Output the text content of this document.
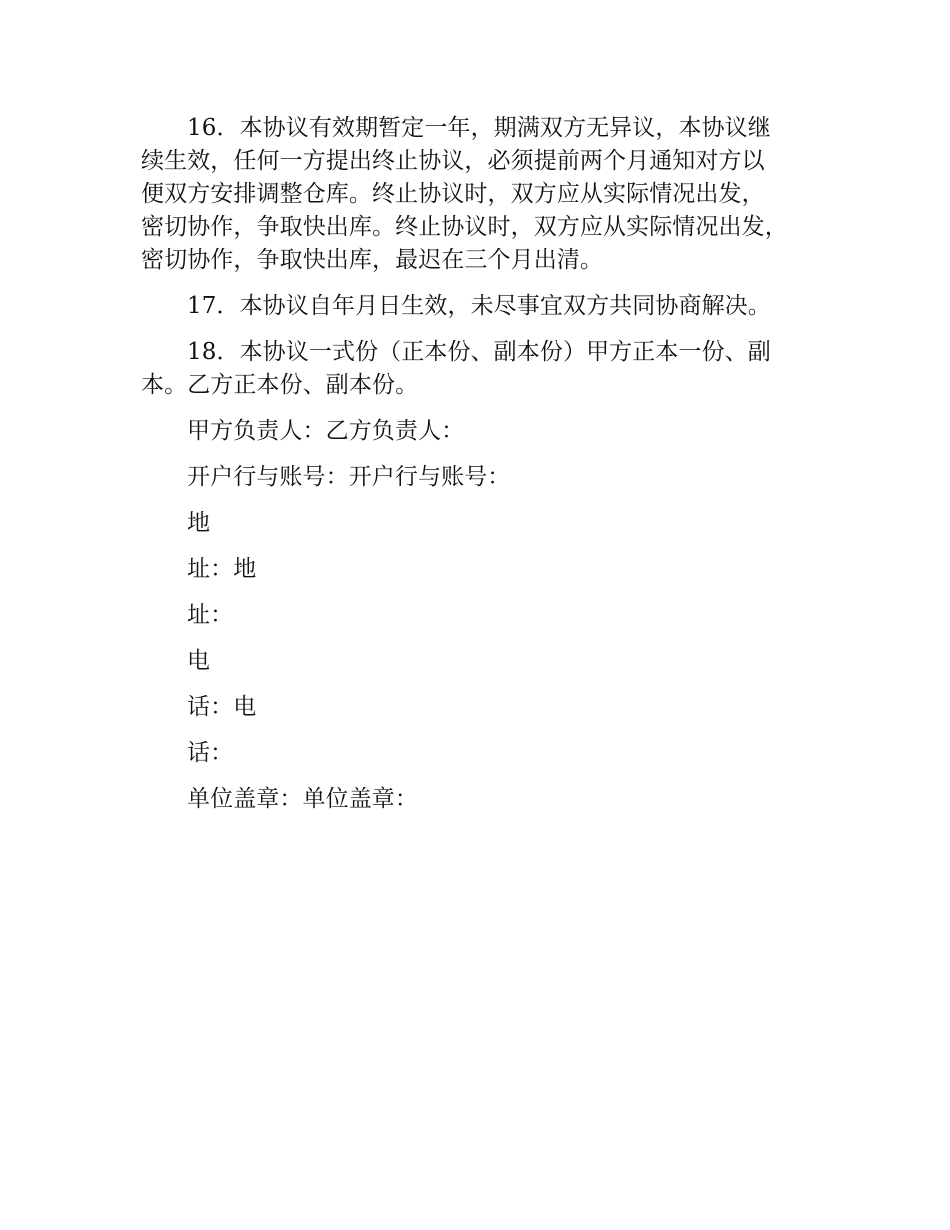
16．本协议有效期暂定一年，期满双方无异议，本协议继
续生效，任何一方提出终止协议，必须提前两个月通知对方以
便双方安排调整仓库。终止协议时，双方应从实际情况出发，
密切协作，争取快出库。终止协议时，双方应从实际情况出发，
密切协作，争取快出库，最迟在三个月出清。
17．本协议自年月日生效，未尽事宜双方共同协商解决。
18．本协议一式份（正本份、副本份）甲方正本一份、副
本。乙方正本份、副本份。
甲方负责人：乙方负责人：
开户行与账号：开户行与账号：
地
址：地
址：
电
话：电
话：
单位盖章：单位盖章：
